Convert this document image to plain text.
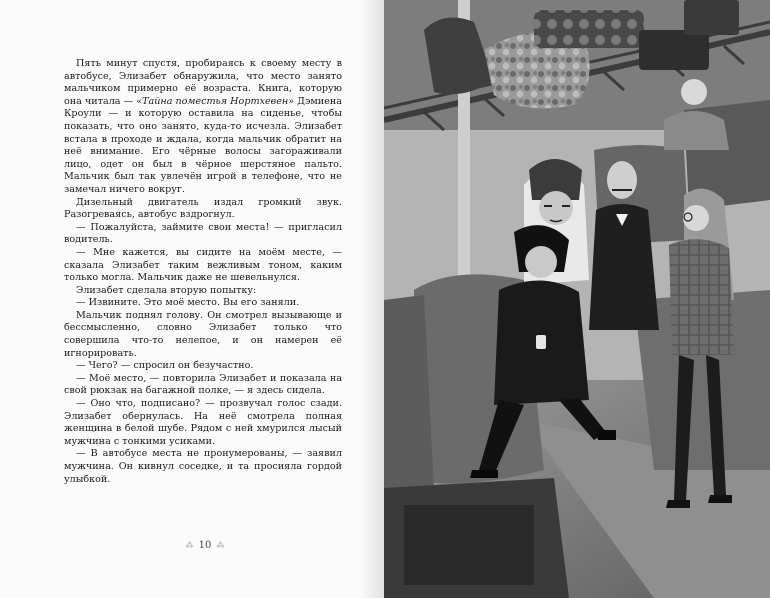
Пять минут спустя, пробираясь к своему месту в автобусе, Элизабет обнаружила, что место занято мальчиком примерно её возраста. Книга, которую она читала — «Тайна поместья Нортхевен» Дэмиена Кроули — и которую оставила на сиденье, чтобы показать, что оно занято, куда-то исчезла. Элизабет встала в проходе и ждала, когда мальчик обратит на неё внимание. Его чёрные волосы загораживали лицо, одет он был в чёрное шерстяное пальто. Мальчик был так увлечён игрой в телефоне, что не замечал ничего вокруг.

Дизельный двигатель издал громкий звук. Разогреваясь, автобус вздрогнул.

— Пожалуйста, займите свои места! — пригласил водитель.

— Мне кажется, вы сидите на моём месте, — сказала Элизабет таким вежливым тоном, каким только могла. Мальчик даже не шевельнулся.

Элизабет сделала вторую попытку:

— Извините. Это моё место. Вы его заняли.

Мальчик поднял голову. Он смотрел вызывающе и бессмысленно, словно Элизабет только что совершила что-то нелепое, и он намерен её игнорировать.

— Чего? — спросил он безучастно.

— Моё место, — повторила Элизабет и показала на свой рюкзак на багажной полке, — я здесь сидела.

— Оно что, подписано? — прозвучал голос сзади. Элизабет обернулась. На неё смотрела полная женщина в белой шубе. Рядом с ней хмурился лысый мужчина с тонкими усиками.

— В автобусе места не пронумерованы, — заявил мужчина. Он кивнул соседке, и та просияла гордой улыбкой.

⁂ 10 ⁂
